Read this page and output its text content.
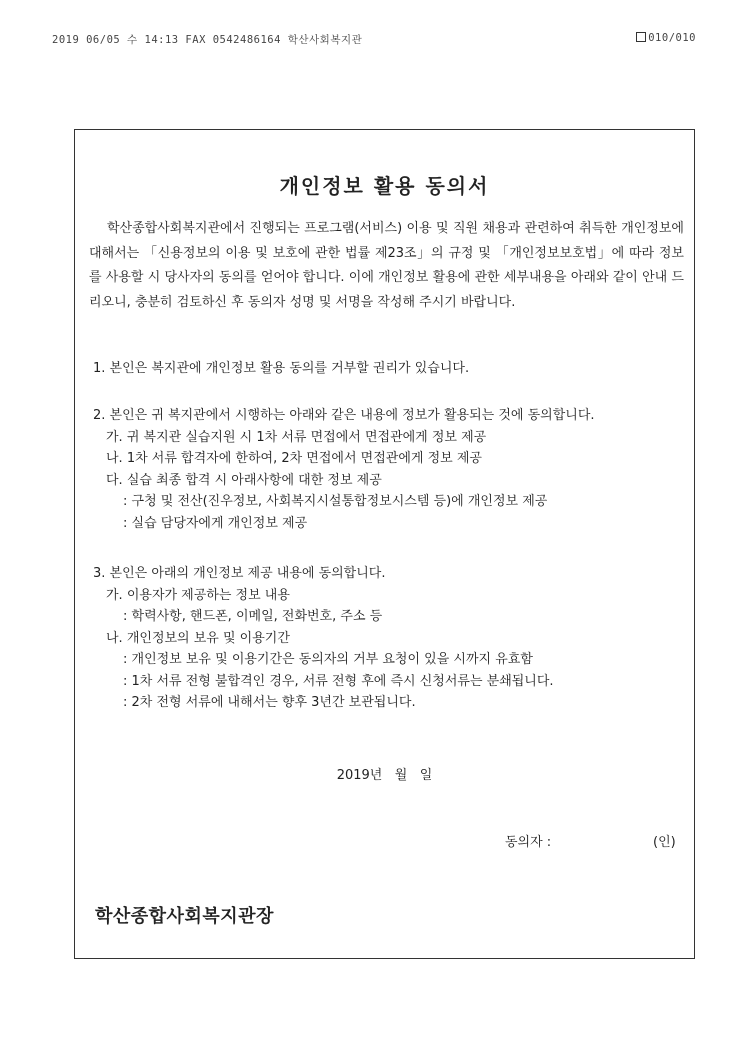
2019 06/05 수 14:13 FAX 0542486164 학산사회복지관	010/010
개인정보 활용 동의서

학산종합사회복지관에서 진행되는 프로그램(서비스) 이용 및 직원 채용과 관련하여 취득한 개인정보에 대해서는 「신용정보의 이용 및 보호에 관한 법률 제23조」의 규정 및 「개인정보보호법」에 따라 정보를 사용할 시 당사자의 동의를 얻어야 합니다. 이에 개인정보 활용에 관한 세부내용을 아래와 같이 안내 드리오니, 충분히 검토하신 후 동의자 성명 및 서명을 작성해 주시기 바랍니다.

1. 본인은 복지관에 개인정보 활용 동의를 거부할 권리가 있습니다.
2. 본인은 귀 복지관에서 시행하는 아래와 같은 내용에 정보가 활용되는 것에 동의합니다.
가. 귀 복지관 실습지원 시 1차 서류 면접에서 면접관에게 정보 제공
나. 1차 서류 합격자에 한하여, 2차 면접에서 면접관에게 정보 제공
다. 실습 최종 합격 시 아래사항에 대한 정보 제공
: 구청 및 전산(진우정보, 사회복지시설통합정보시스템 등)에 개인정보 제공
: 실습 담당자에게 개인정보 제공
3. 본인은 아래의 개인정보 제공 내용에 동의합니다.
가. 이용자가 제공하는 정보 내용
: 학력사항, 핸드폰, 이메일, 전화번호, 주소 등
나. 개인정보의 보유 및 이용기간
: 개인정보 보유 및 이용기간은 동의자의 거부 요청이 있을 시까지 유효함
: 1차 서류 전형 불합격인 경우, 서류 전형 후에 즉시 신청서류는 분쇄됩니다.
: 2차 전형 서류에 내해서는 향후 3년간 보관됩니다.
2019년   월   일
동의자 :	(인)
학산종합사회복지관장
